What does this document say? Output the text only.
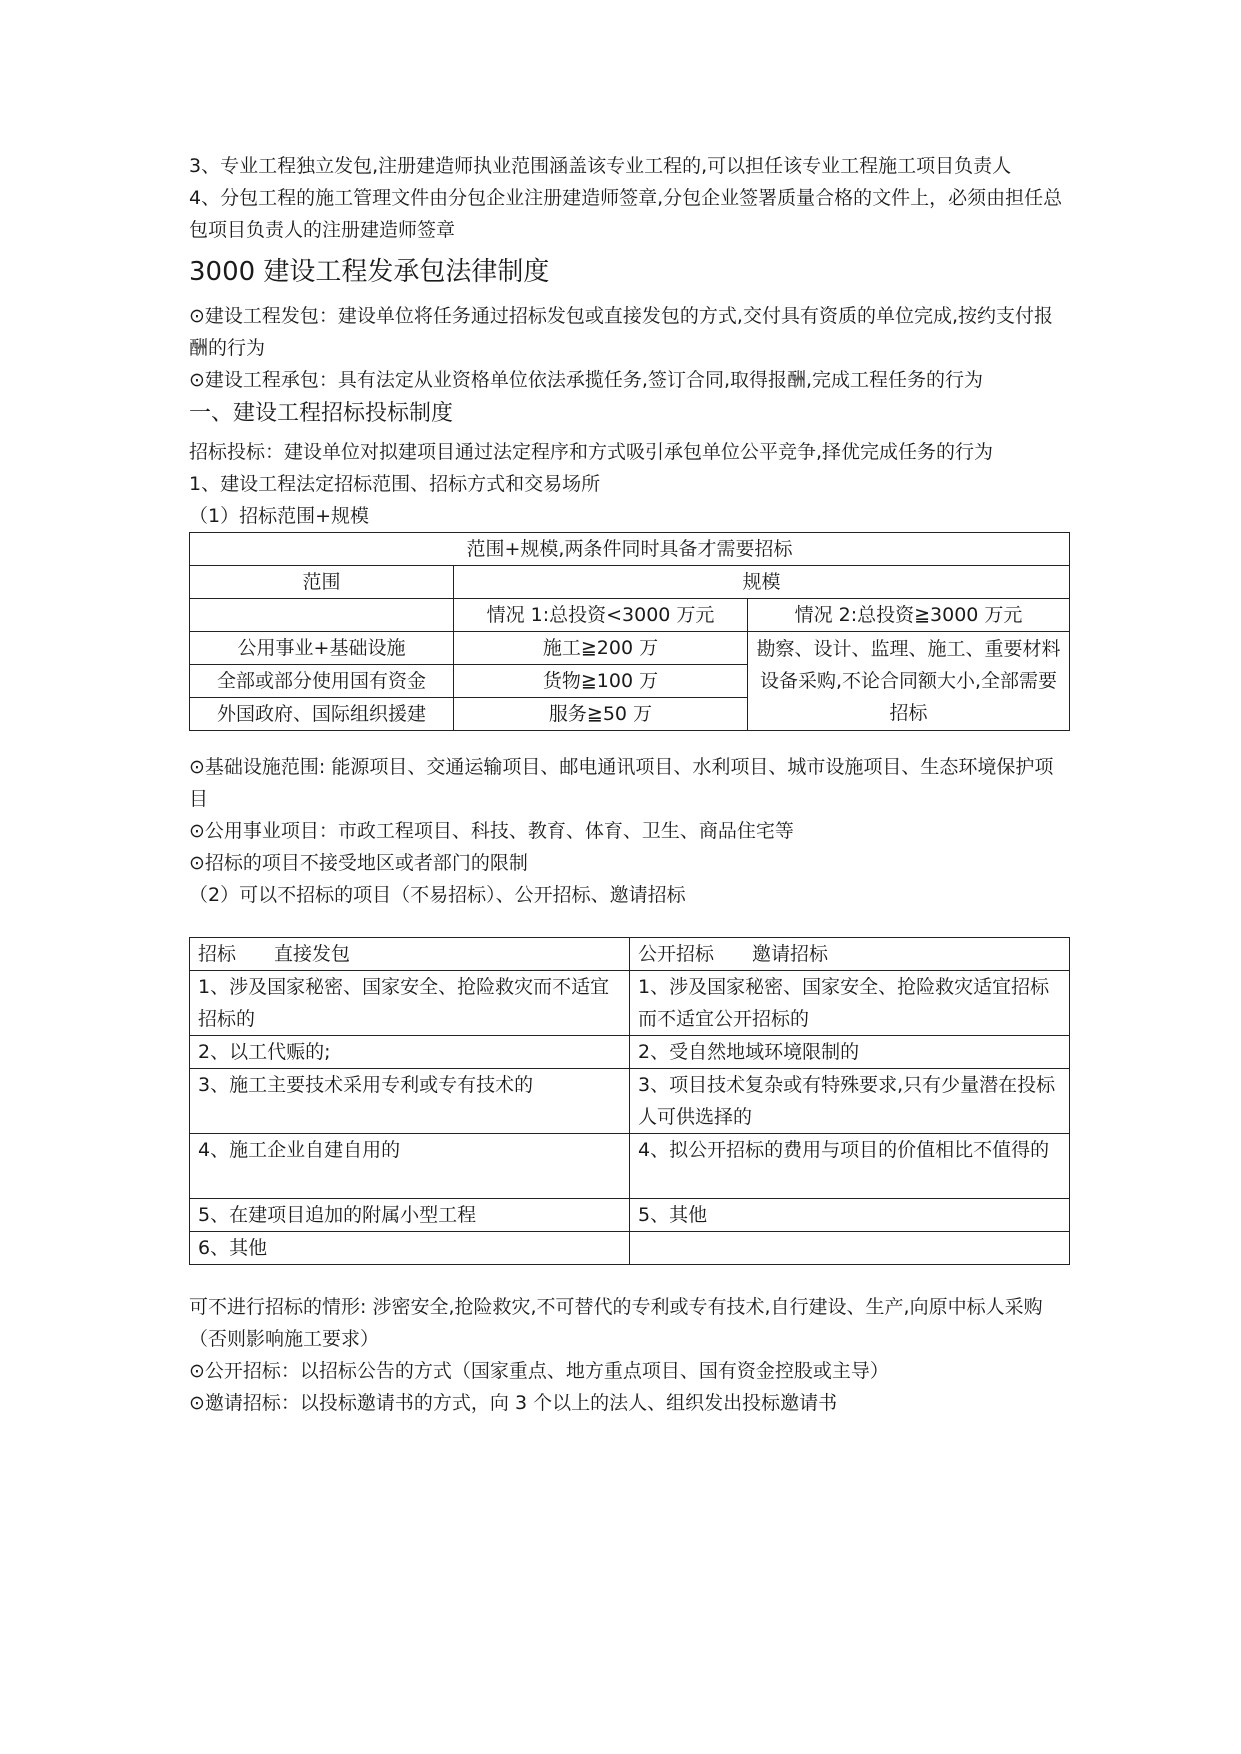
3、专业工程独立发包,注册建造师执业范围涵盖该专业工程的,可以担任该专业工程施工项目负责人

4、分包工程的施工管理文件由分包企业注册建造师签章,分包企业签署质量合格的文件上，必须由担任总包项目负责人的注册建造师签章

3000 建设工程发承包法律制度

⊙建设工程发包：建设单位将任务通过招标发包或直接发包的方式,交付具有资质的单位完成,按约支付报酬的行为

⊙建设工程承包：具有法定从业资格单位依法承揽任务,签订合同,取得报酬,完成工程任务的行为

一、建设工程招标投标制度

招标投标：建设单位对拟建项目通过法定程序和方式吸引承包单位公平竞争,择优完成任务的行为

1、建设工程法定招标范围、招标方式和交易场所

（1）招标范围+规模

范围+规模,两条件同时具备才需要招标		
范围	规模	
	情况 1:总投资<3000 万元	情况 2:总投资≧3000 万元
公用事业+基础设施	施工≧200 万	勘察、设计、监理、施工、重要材料设备采购,不论合同额大小,全部需要招标
全部或部分使用国有资金	货物≧100 万	
外国政府、国际组织援建	服务≧50 万	

⊙基础设施范围: 能源项目、交通运输项目、邮电通讯项目、水利项目、城市设施项目、生态环境保护项目

⊙公用事业项目：市政工程项目、科技、教育、体育、卫生、商品住宅等

⊙招标的项目不接受地区或者部门的限制

（2）可以不招标的项目（不易招标）、公开招标、邀请招标

招标　　直接发包	公开招标　　邀请招标
1、涉及国家秘密、国家安全、抢险救灾而不适宜招标的	1、涉及国家秘密、国家安全、抢险救灾适宜招标而不适宜公开招标的
2、以工代赈的;	2、受自然地域环境限制的
3、施工主要技术采用专利或专有技术的	3、项目技术复杂或有特殊要求,只有少量潜在投标人可供选择的
4、施工企业自建自用的	4、拟公开招标的费用与项目的价值相比不值得的
5、在建项目追加的附属小型工程	5、其他
6、其他	

可不进行招标的情形: 涉密安全,抢险救灾,不可替代的专利或专有技术,自行建设、生产,向原中标人采购（否则影响施工要求）

⊙公开招标：以招标公告的方式（国家重点、地方重点项目、国有资金控股或主导）

⊙邀请招标：以投标邀请书的方式，向 3 个以上的法人、组织发出投标邀请书
